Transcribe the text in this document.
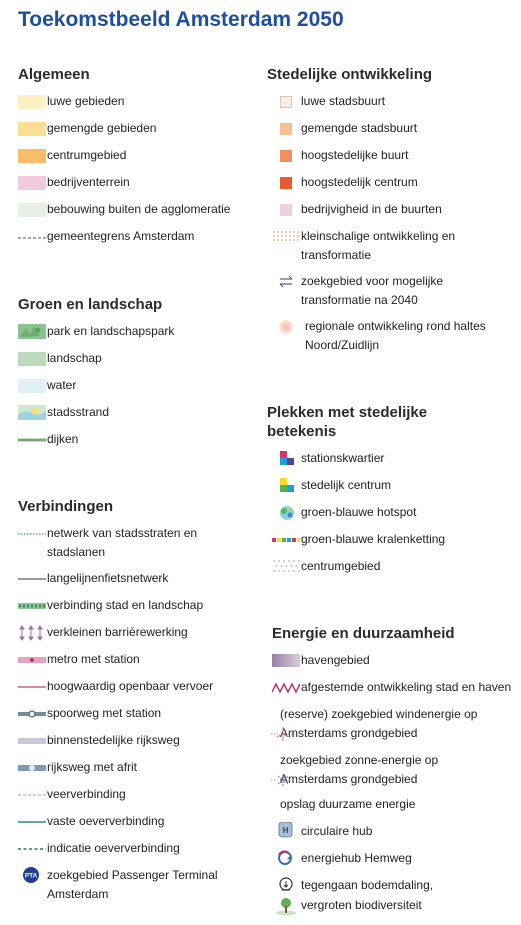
Toekomstbeeld Amsterdam 2050
Algemeen
luwe gebieden
gemengde gebieden
centrumgebied
bedrijventerrein
bebouwing buiten de agglomeratie
gemeentegrens Amsterdam
Groen en landschap
park en landschapspark
landschap
water
stadsstrand
dijken
Verbindingen
netwerk van stadsstraten en stadslanen
langelijnenfietsnetwerk
verbinding stad en landschap
verkleinen barrièrewerking
metro met station
hoogwaardig openbaar vervoer
spoorweg met station
binnenstedelijke rijksweg
rijksweg met afrit
veerverbinding
vaste oeververbinding
indicatie oeververbinding
PTA zoekgebied Passenger Terminal Amsterdam
Stedelijke ontwikkeling
luwe stadsbuurt
gemengde stadsbuurt
hoogstedelijke buurt
hoogstedelijk centrum
bedrijvigheid in de buurten
kleinschalige ontwikkeling en transformatie
zoekgebied voor mogelijke transformatie na 2040
regionale ontwikkeling rond haltes Noord/Zuidlijn
Plekken met stedelijke betekenis
stationskwartier
stedelijk centrum
groen-blauwe hotspot
groen-blauwe kralenketting
centrumgebied
Energie en duurzaamheid
havengebied
afgestemde ontwikkeling stad en haven
(reserve) zoekgebied windenergie op Amsterdams grondgebied
zoekgebied zonne-energie op Amsterdams grondgebied
opslag duurzame energie
H circulaire hub
energiehub Hemweg
tegengaan bodemdaling,
vergroten biodiversiteit
